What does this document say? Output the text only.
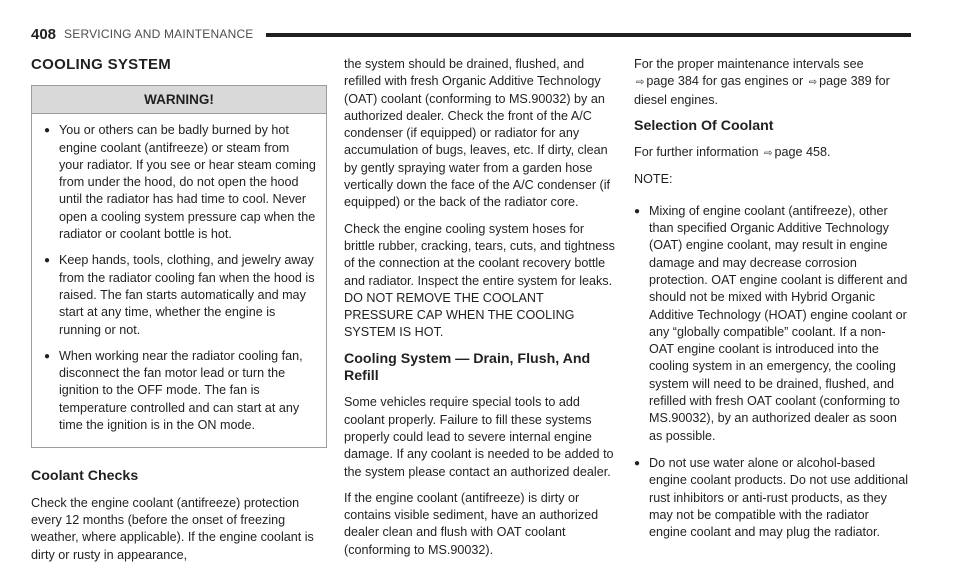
408 SERVICING AND MAINTENANCE
COOLING SYSTEM
WARNING!
● You or others can be badly burned by hot engine coolant (antifreeze) or steam from your radiator. If you see or hear steam coming from under the hood, do not open the hood until the radiator has had time to cool. Never open a cooling system pressure cap when the radiator or coolant bottle is hot.
● Keep hands, tools, clothing, and jewelry away from the radiator cooling fan when the hood is raised. The fan starts automatically and may start at any time, whether the engine is running or not.
● When working near the radiator cooling fan, disconnect the fan motor lead or turn the ignition to the OFF mode. The fan is temperature controlled and can start at any time the ignition is in the ON mode.
Coolant Checks

Check the engine coolant (antifreeze) protection every 12 months (before the onset of freezing weather, where applicable). If the engine coolant is dirty or rusty in appearance,

the system should be drained, flushed, and refilled with fresh Organic Additive Technology (OAT) coolant (conforming to MS.90032) by an authorized dealer. Check the front of the A/C condenser (if equipped) or radiator for any accumulation of bugs, leaves, etc. If dirty, clean by gently spraying water from a garden hose vertically down the face of the A/C condenser (if equipped) or the back of the radiator core.

Check the engine cooling system hoses for brittle rubber, cracking, tears, cuts, and tightness of the connection at the coolant recovery bottle and radiator. Inspect the entire system for leaks. DO NOT REMOVE THE COOLANT PRESSURE CAP WHEN THE COOLING SYSTEM IS HOT.

Cooling System — Drain, Flush, And Refill

Some vehicles require special tools to add coolant properly. Failure to fill these systems properly could lead to severe internal engine damage. If any coolant is needed to be added to the system please contact an authorized dealer.

If the engine coolant (antifreeze) is dirty or contains visible sediment, have an authorized dealer clean and flush with OAT coolant (conforming to MS.90032).

For the proper maintenance intervals see
⇨ page 384 for gas engines or ⇨ page 389 for diesel engines.

Selection Of Coolant

For further information ⇨ page 458.

NOTE:

● Mixing of engine coolant (antifreeze), other than specified Organic Additive Technology (OAT) engine coolant, may result in engine damage and may decrease corrosion protection. OAT engine coolant is different and should not be mixed with Hybrid Organic Additive Technology (HOAT) engine coolant or any “globally compatible” coolant. If a non-OAT engine coolant is introduced into the cooling system in an emergency, the cooling system will need to be drained, flushed, and refilled with fresh OAT coolant (conforming to MS.90032), by an authorized dealer as soon as possible.
● Do not use water alone or alcohol-based engine coolant products. Do not use additional rust inhibitors or anti-rust products, as they may not be compatible with the radiator engine coolant and may plug the radiator.
